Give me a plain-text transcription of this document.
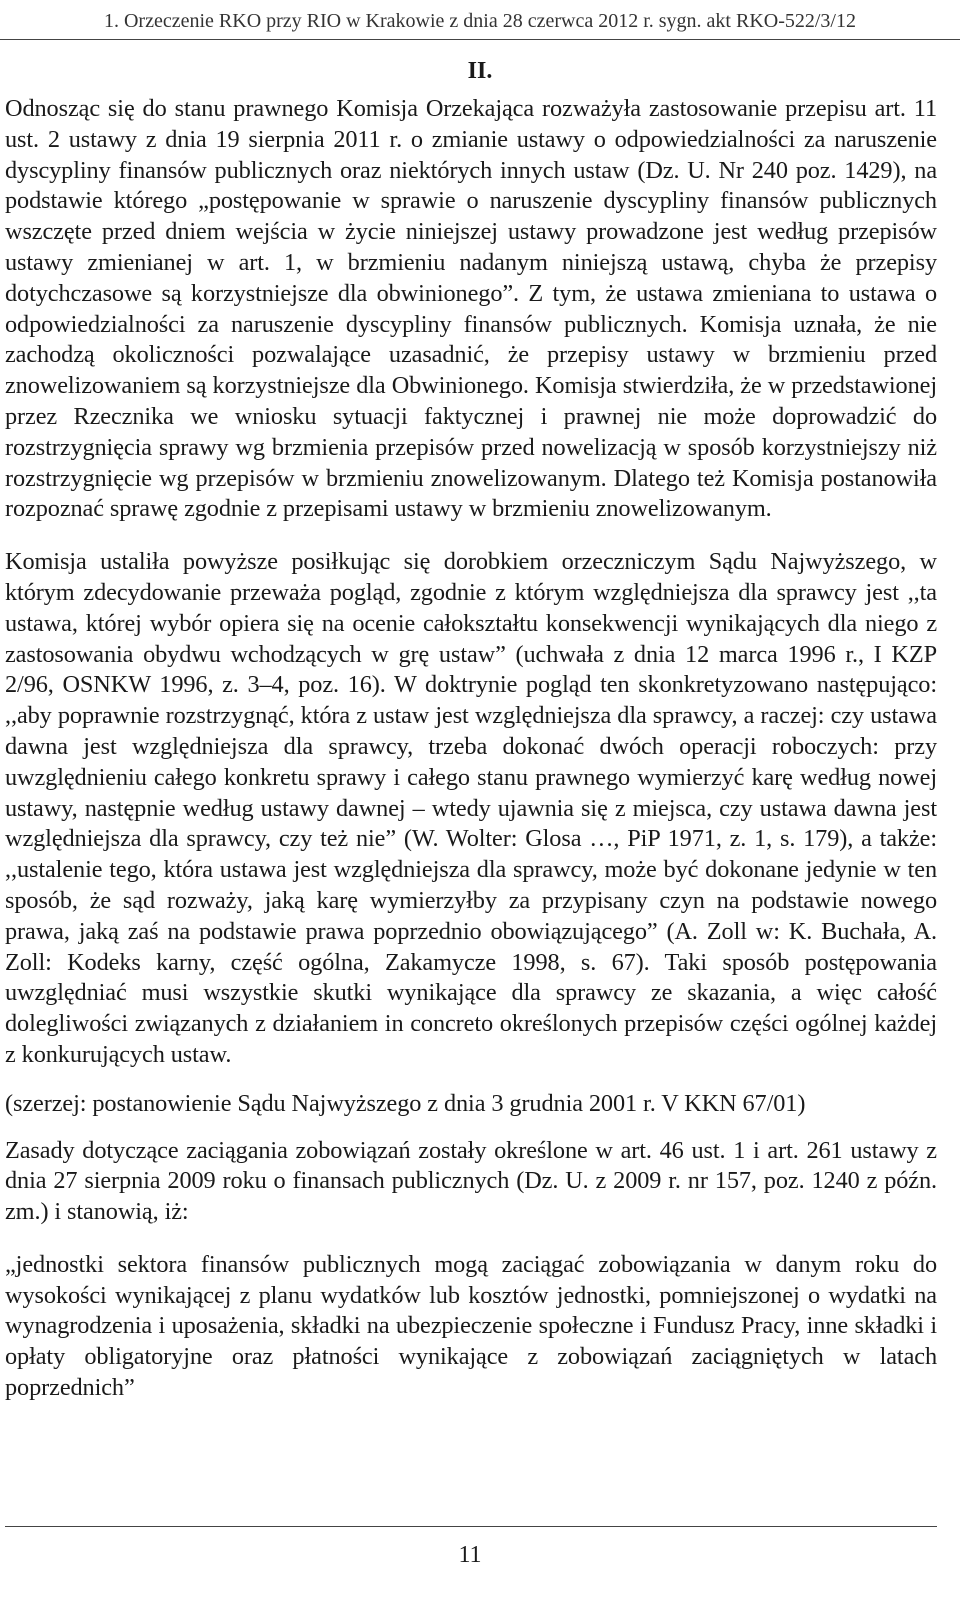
1. Orzeczenie RKO przy RIO w Krakowie z dnia 28 czerwca 2012 r. sygn. akt RKO-522/3/12
II.

Odnosząc się do stanu prawnego Komisja Orzekająca rozważyła zastosowanie przepisu art. 11 ust. 2 ustawy z dnia 19 sierpnia 2011 r. o zmianie ustawy o odpowiedzialności za naruszenie dyscypliny finansów publicznych oraz niektórych innych ustaw (Dz. U. Nr 240 poz. 1429), na podstawie którego „postępowanie w sprawie o naruszenie dyscypliny finansów publicznych wszczęte przed dniem wejścia w życie niniejszej ustawy prowadzone jest według przepisów ustawy zmienianej w art. 1, w brzmieniu nadanym niniejszą ustawą, chyba że przepisy dotychczasowe są korzystniejsze dla obwinionego”. Z tym, że ustawa zmieniana to ustawa o odpowiedzialności za naruszenie dyscypliny finansów publicznych. Komisja uznała, że nie zachodzą okoliczności pozwalające uzasadnić, że przepisy ustawy w brzmieniu przed znowelizowaniem są korzystniejsze dla Obwinionego. Komisja stwierdziła, że w przedstawionej przez Rzecznika we wniosku sytuacji faktycznej i prawnej nie może doprowadzić do rozstrzygnięcia sprawy wg brzmienia przepisów przed nowelizacją w sposób korzystniejszy niż rozstrzygnięcie wg przepisów w brzmieniu znowelizowanym. Dlatego też Komisja postanowiła rozpoznać sprawę zgodnie z przepisami ustawy w brzmieniu znowelizowanym.

Komisja ustaliła powyższe posiłkując się dorobkiem orzeczniczym Sądu Najwyższego, w którym zdecydowanie przeważa pogląd, zgodnie z którym względniejsza dla sprawcy jest ,,ta ustawa, której wybór opiera się na ocenie całokształtu konsekwencji wynikających dla niego z zastosowania obydwu wchodzących w grę ustaw” (uchwała z dnia 12 marca 1996 r., I KZP 2/96, OSNKW 1996, z. 3–4, poz. 16). W doktrynie pogląd ten skonkretyzowano następująco: ,,aby poprawnie rozstrzygnąć, która z ustaw jest względniejsza dla sprawcy, a raczej: czy ustawa dawna jest względniejsza dla sprawcy, trzeba dokonać dwóch operacji roboczych: przy uwzględnieniu całego konkretu sprawy i całego stanu prawnego wymierzyć karę według nowej ustawy, następnie według ustawy dawnej – wtedy ujawnia się z miejsca, czy ustawa dawna jest względniejsza dla sprawcy, czy też nie” (W. Wolter: Glosa …, PiP 1971, z. 1, s. 179), a także: ,,ustalenie tego, która ustawa jest względniejsza dla sprawcy, może być dokonane jedynie w ten sposób, że sąd rozważy, jaką karę wymierzyłby za przypisany czyn na podstawie nowego prawa, jaką zaś na podstawie prawa poprzednio obowiązującego” (A. Zoll w: K. Buchała, A. Zoll: Kodeks karny, część ogólna, Zakamycze 1998, s. 67). Taki sposób postępowania uwzględniać musi wszystkie skutki wynikające dla sprawcy ze skazania, a więc całość dolegliwości związanych z działaniem in concreto określonych przepisów części ogólnej każdej z konkurujących ustaw.

(szerzej: postanowienie Sądu Najwyższego z dnia 3 grudnia 2001 r. V KKN 67/01)

Zasady dotyczące zaciągania zobowiązań zostały określone w art. 46 ust. 1 i art. 261 ustawy z dnia 27 sierpnia 2009 roku o finansach publicznych (Dz. U. z 2009 r. nr 157, poz. 1240 z późn. zm.) i stanowią, iż:

„jednostki sektora finansów publicznych mogą zaciągać zobowiązania w danym roku do wysokości wynikającej z planu wydatków lub kosztów jednostki, pomniejszonej o wydatki na wynagrodzenia i uposażenia, składki na ubezpieczenie społeczne i Fundusz Pracy, inne składki i opłaty obligatoryjne oraz płatności wynikające z zobowiązań zaciągniętych w latach poprzednich”

11
